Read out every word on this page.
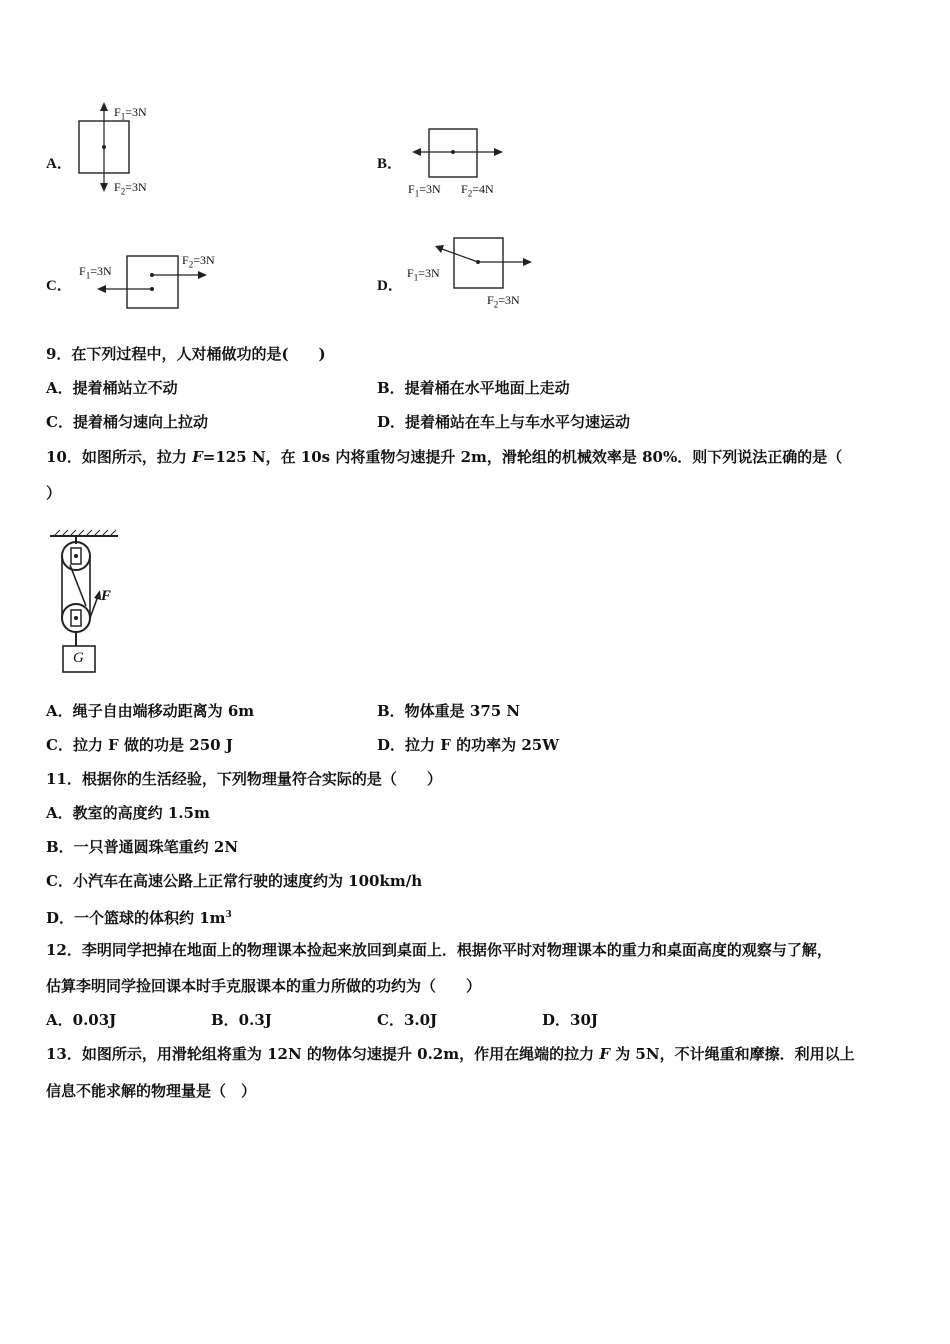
A．
$F_1=3N$
$F_2=3N$
B．
$F_1=3N$ $F_2=4N$
C．
$F_1=3N$
$F_2=3N$
D．
$F_1=3N$
$F_2=3N$
9．在下列过程中，人对桶做功的是(　　)
A．提着桶站立不动	B．提着桶在水平地面上走动
C．提着桶匀速向上拉动	D．提着桶站在车上与车水平匀速运动
10．如图所示，拉力 F=125 N，在 10s 内将重物匀速提升 2m，滑轮组的机械效率是 80%．则下列说法正确的是（
）
F
G
A．绳子自由端移动距离为 6m	B．物体重是 375 N
C．拉力 F 做的功是 250 J	D．拉力 F 的功率为 25W
11．根据你的生活经验，下列物理量符合实际的是（　　）
A．教室的高度约 1.5m
B．一只普通圆珠笔重约 2N
C．小汽车在高速公路上正常行驶的速度约为 100km/h
D．一个篮球的体积约 $1m^3$
12．李明同学把掉在地面上的物理课本捡起来放回到桌面上．根据你平时对物理课本的重力和桌面高度的观察与了解，
估算李明同学捡回课本时手克服课本的重力所做的功约为（　　）
A．0.03J	B．0.3J	C．3.0J	D．30J
13．如图所示，用滑轮组将重为 12N 的物体匀速提升 0.2m，作用在绳端的拉力 F 为 5N，不计绳重和摩擦．利用以上
信息不能求解的物理量是（　）
